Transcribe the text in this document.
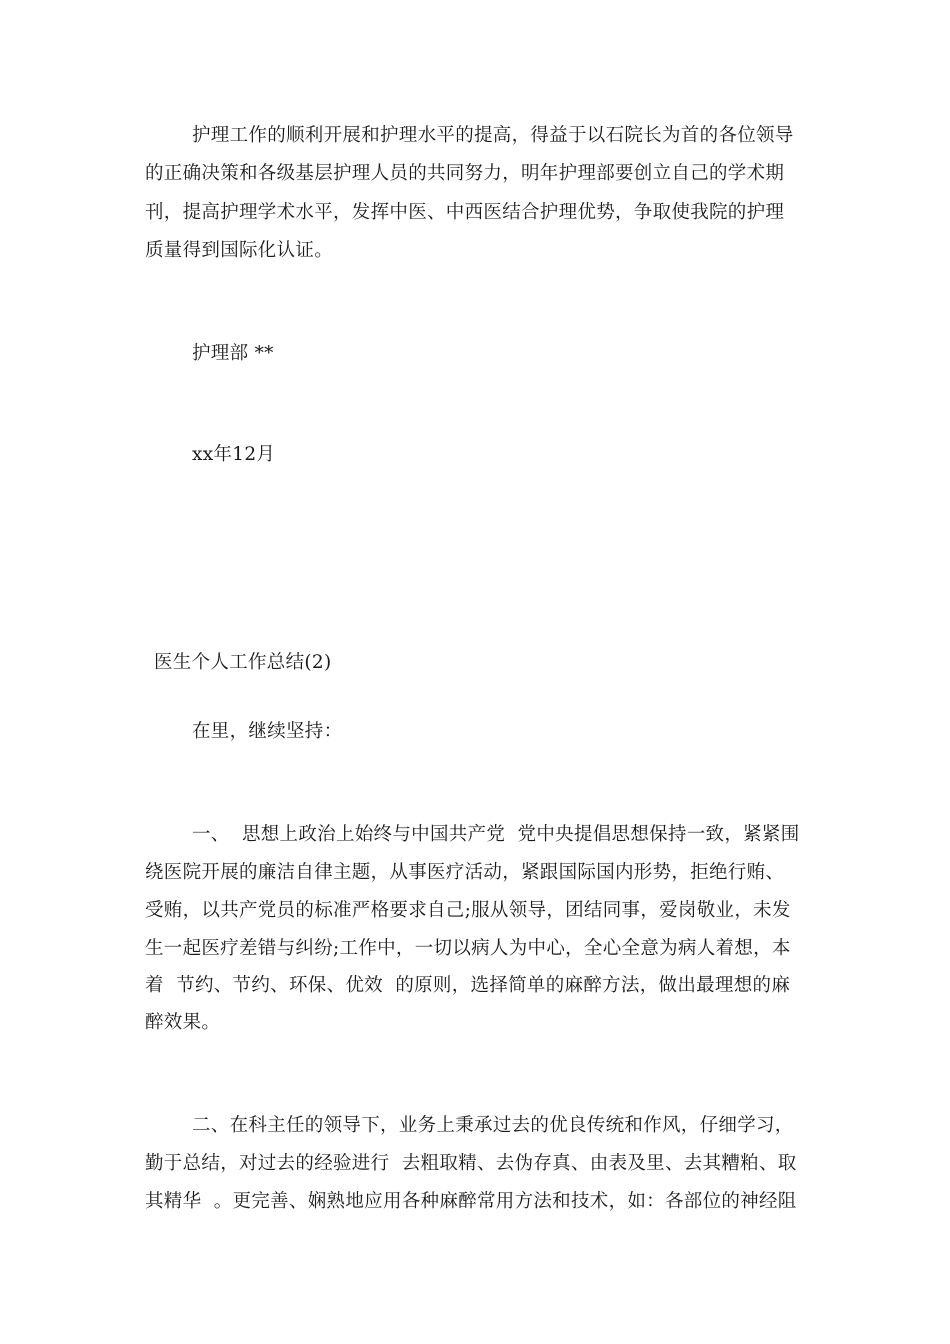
护理工作的顺利开展和护理水平的提高，得益于以石院长为首的各位领导
的正确决策和各级基层护理人员的共同努力，明年护理部要创立自己的学术期
刊，提高护理学术水平，发挥中医、中西医结合护理优势，争取使我院的护理
质量得到国际化认证。
护理部 **
xx年12月
医生个人工作总结(2)
在里，继续坚持：
一、  思想上政治上始终与中国共产党  党中央提倡思想保持一致，紧紧围
绕医院开展的廉洁自律主题，从事医疗活动，紧跟国际国内形势，拒绝行贿、
受贿，以共产党员的标准严格要求自己;服从领导，团结同事，爱岗敬业，未发
生一起医疗差错与纠纷;工作中，一切以病人为中心，全心全意为病人着想，本
着  节约、节约、环保、优效  的原则，选择简单的麻醉方法，做出最理想的麻
醉效果。
二、在科主任的领导下，业务上秉承过去的优良传统和作风，仔细学习，
勤于总结，对过去的经验进行  去粗取精、去伪存真、由表及里、去其糟粕、取
其精华  。更完善、娴熟地应用各种麻醉常用方法和技术，如：各部位的神经阻
